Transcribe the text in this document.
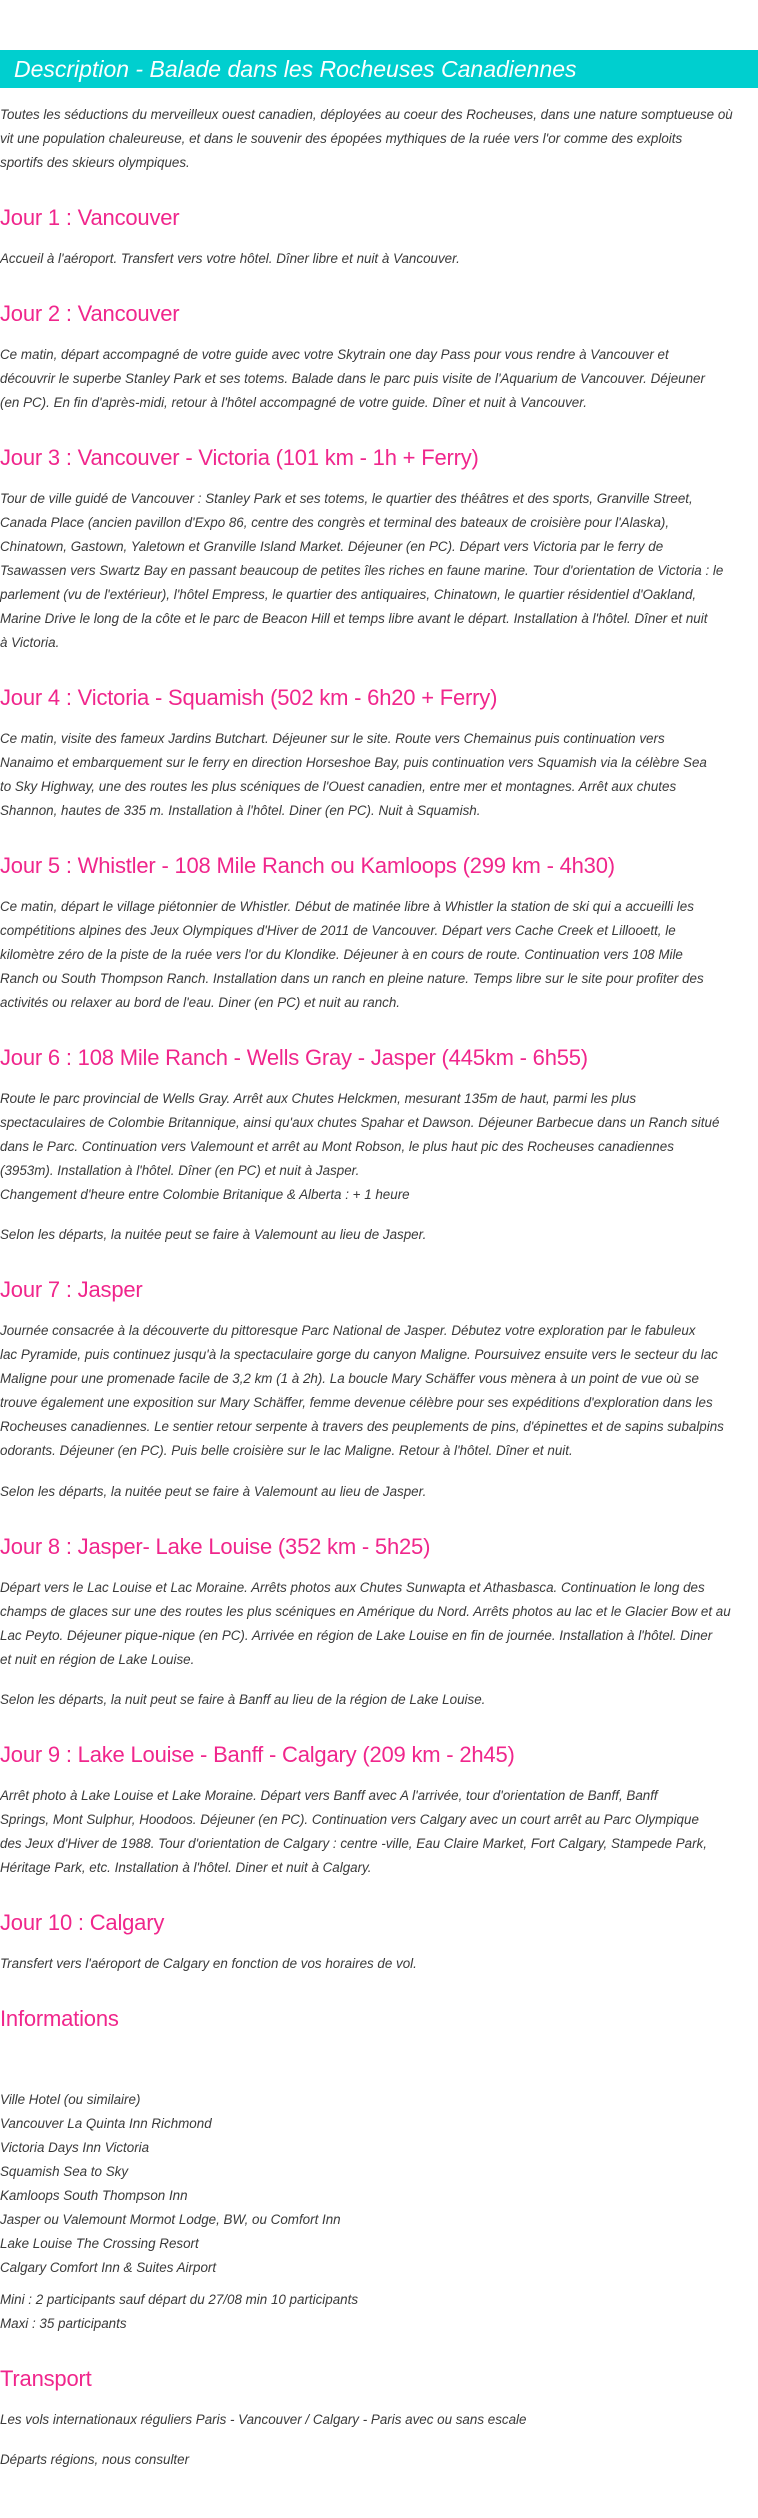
Description - Balade dans les Rocheuses Canadiennes

Toutes les séductions du merveilleux ouest canadien, déployées au coeur des Rocheuses, dans une nature somptueuse où
vit une population chaleureuse, et dans le souvenir des épopées mythiques de la ruée vers l'or comme des exploits
sportifs des skieurs olympiques.

Jour 1 : Vancouver

Accueil à l'aéroport. Transfert vers votre hôtel. Dîner libre et nuit à Vancouver.

Jour 2 : Vancouver

Ce matin, départ accompagné de votre guide avec votre Skytrain one day Pass pour vous rendre à Vancouver et
découvrir le superbe Stanley Park et ses totems. Balade dans le parc puis visite de l'Aquarium de Vancouver. Déjeuner
(en PC). En fin d'après-midi, retour à l'hôtel accompagné de votre guide. Dîner et nuit à Vancouver.

Jour 3 : Vancouver - Victoria (101 km - 1h + Ferry)

Tour de ville guidé de Vancouver : Stanley Park et ses totems, le quartier des théâtres et des sports, Granville Street,
Canada Place (ancien pavillon d'Expo 86, centre des congrès et terminal des bateaux de croisière pour l'Alaska),
Chinatown, Gastown, Yaletown et Granville Island Market. Déjeuner (en PC). Départ vers Victoria par le ferry de
Tsawassen vers Swartz Bay en passant beaucoup de petites îles riches en faune marine. Tour d'orientation de Victoria : le
parlement (vu de l'extérieur), l'hôtel Empress, le quartier des antiquaires, Chinatown, le quartier résidentiel d'Oakland,
Marine Drive le long de la côte et le parc de Beacon Hill et temps libre avant le départ. Installation à l'hôtel. Dîner et nuit
à Victoria.

Jour 4 : Victoria - Squamish (502 km - 6h20 + Ferry)

Ce matin, visite des fameux Jardins Butchart. Déjeuner sur le site. Route vers Chemainus puis continuation vers
Nanaimo et embarquement sur le ferry en direction Horseshoe Bay, puis continuation vers Squamish via la célèbre Sea
to Sky Highway, une des routes les plus scéniques de l'Ouest canadien, entre mer et montagnes. Arrêt aux chutes
Shannon, hautes de 335 m. Installation à l'hôtel. Diner (en PC). Nuit à Squamish.

Jour 5 : Whistler - 108 Mile Ranch ou Kamloops (299 km - 4h30)

Ce matin, départ le village piétonnier de Whistler. Début de matinée libre à Whistler la station de ski qui a accueilli les
compétitions alpines des Jeux Olympiques d'Hiver de 2011 de Vancouver. Départ vers Cache Creek et Lillooett, le
kilomètre zéro de la piste de la ruée vers l'or du Klondike. Déjeuner à en cours de route. Continuation vers 108 Mile
Ranch ou South Thompson Ranch. Installation dans un ranch en pleine nature. Temps libre sur le site pour profiter des
activités ou relaxer au bord de l'eau. Diner (en PC) et nuit au ranch.

Jour 6 : 108 Mile Ranch - Wells Gray - Jasper (445km - 6h55)

Route le parc provincial de Wells Gray. Arrêt aux Chutes Helckmen, mesurant 135m de haut, parmi les plus
spectaculaires de Colombie Britannique, ainsi qu'aux chutes Spahar et Dawson. Déjeuner Barbecue dans un Ranch situé
dans le Parc. Continuation vers Valemount et arrêt au Mont Robson, le plus haut pic des Rocheuses canadiennes
(3953m). Installation à l'hôtel. Dîner (en PC) et nuit à Jasper.
Changement d'heure entre Colombie Britanique & Alberta : + 1 heure

Selon les départs, la nuitée peut se faire à Valemount au lieu de Jasper.

Jour 7 : Jasper

Journée consacrée à la découverte du pittoresque Parc National de Jasper. Débutez votre exploration par le fabuleux
lac Pyramide, puis continuez jusqu'à la spectaculaire gorge du canyon Maligne. Poursuivez ensuite vers le secteur du lac
Maligne pour une promenade facile de 3,2 km (1 à 2h). La boucle Mary Schäffer vous mènera à un point de vue où se
trouve également une exposition sur Mary Schäffer, femme devenue célèbre pour ses expéditions d'exploration dans les
Rocheuses canadiennes. Le sentier retour serpente à travers des peuplements de pins, d'épinettes et de sapins subalpins
odorants. Déjeuner (en PC). Puis belle croisière sur le lac Maligne. Retour à l'hôtel. Dîner et nuit.

Selon les départs, la nuitée peut se faire à Valemount au lieu de Jasper.

Jour 8 : Jasper- Lake Louise (352 km - 5h25)

Départ vers le Lac Louise et Lac Moraine. Arrêts photos aux Chutes Sunwapta et Athasbasca. Continuation le long des
champs de glaces sur une des routes les plus scéniques en Amérique du Nord. Arrêts photos au lac et le Glacier Bow et au
Lac Peyto. Déjeuner pique-nique (en PC). Arrivée en région de Lake Louise en fin de journée. Installation à l'hôtel. Diner
et nuit en région de Lake Louise.

Selon les départs, la nuit peut se faire à Banff au lieu de la région de Lake Louise.

Jour 9 : Lake Louise - Banff - Calgary (209 km - 2h45)

Arrêt photo à Lake Louise et Lake Moraine. Départ vers Banff avec A l'arrivée, tour d'orientation de Banff, Banff
Springs, Mont Sulphur, Hoodoos. Déjeuner (en PC). Continuation vers Calgary avec un court arrêt au Parc Olympique
des Jeux d'Hiver de 1988. Tour d'orientation de Calgary : centre -ville, Eau Claire Market, Fort Calgary, Stampede Park,
Héritage Park, etc. Installation à l'hôtel. Diner et nuit à Calgary.

Jour 10 : Calgary

Transfert vers l'aéroport de Calgary en fonction de vos horaires de vol.

Informations

Ville Hotel (ou similaire)
Vancouver La Quinta Inn Richmond
Victoria Days Inn Victoria
Squamish Sea to Sky
Kamloops South Thompson Inn
Jasper ou Valemount Mormot Lodge, BW, ou Comfort Inn
Lake Louise The Crossing Resort
Calgary Comfort Inn & Suites Airport

Mini : 2 participants sauf départ du 27/08 min 10 participants
Maxi : 35 participants

Transport

Les vols internationaux réguliers Paris - Vancouver / Calgary - Paris avec ou sans escale

Départs régions, nous consulter
